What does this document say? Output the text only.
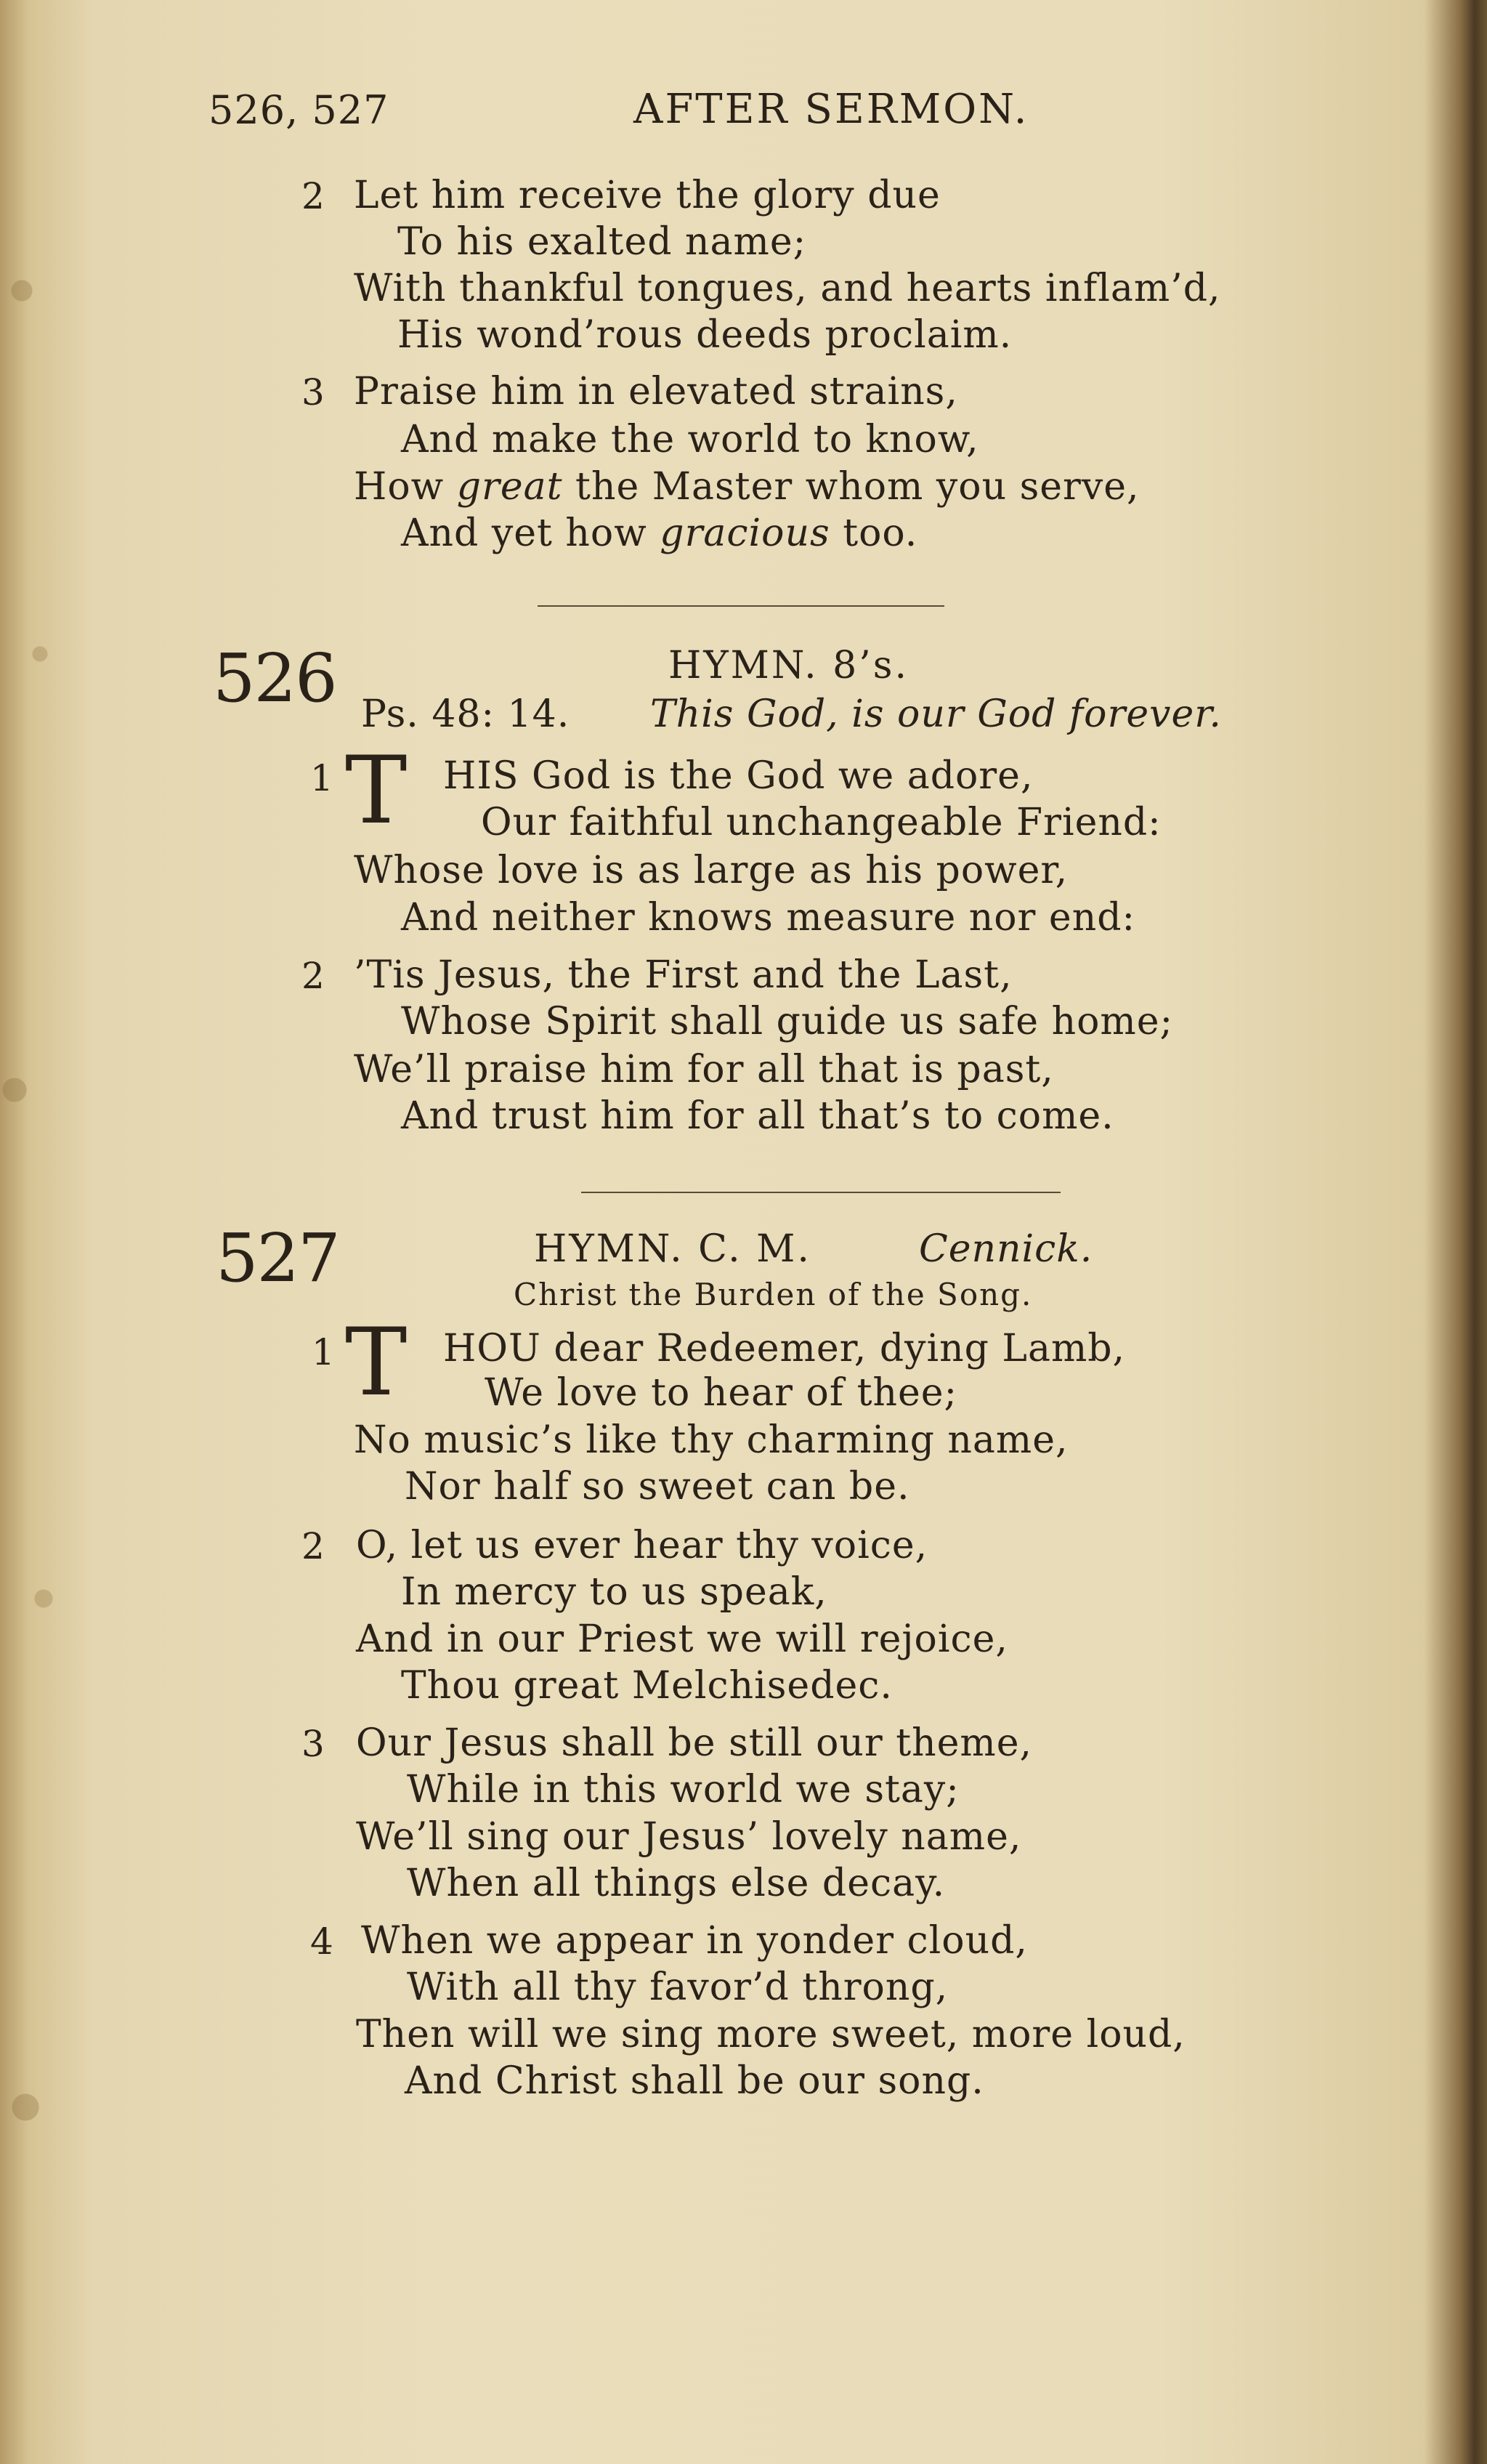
526, 527	AFTER SERMON.
2 Let him receive the glory due
To his exalted name;
With thankful tongues, and hearts inflam’d,
His wond’rous deeds proclaim.
3 Praise him in elevated strains,
And make the world to know,
How great the Master whom you serve,
And yet how gracious too.
526	HYMN. 8’s.
Ps. 48: 14. This God, is our God forever.
1 T HIS God is the God we adore,
Our faithful unchangeable Friend:
Whose love is as large as his power,
And neither knows measure nor end:
2 ’Tis Jesus, the First and the Last,
Whose Spirit shall guide us safe home;
We’ll praise him for all that is past,
And trust him for all that’s to come.
527	HYMN. C. M.	Cennick.
Christ the Burden of the Song.
1 T HOU dear Redeemer, dying Lamb,
We love to hear of thee;
No music’s like thy charming name,
Nor half so sweet can be.
2 O, let us ever hear thy voice,
In mercy to us speak,
And in our Priest we will rejoice,
Thou great Melchisedec.
3 Our Jesus shall be still our theme,
While in this world we stay;
We’ll sing our Jesus’ lovely name,
When all things else decay.
4 When we appear in yonder cloud,
With all thy favor’d throng,
Then will we sing more sweet, more loud,
And Christ shall be our song.
